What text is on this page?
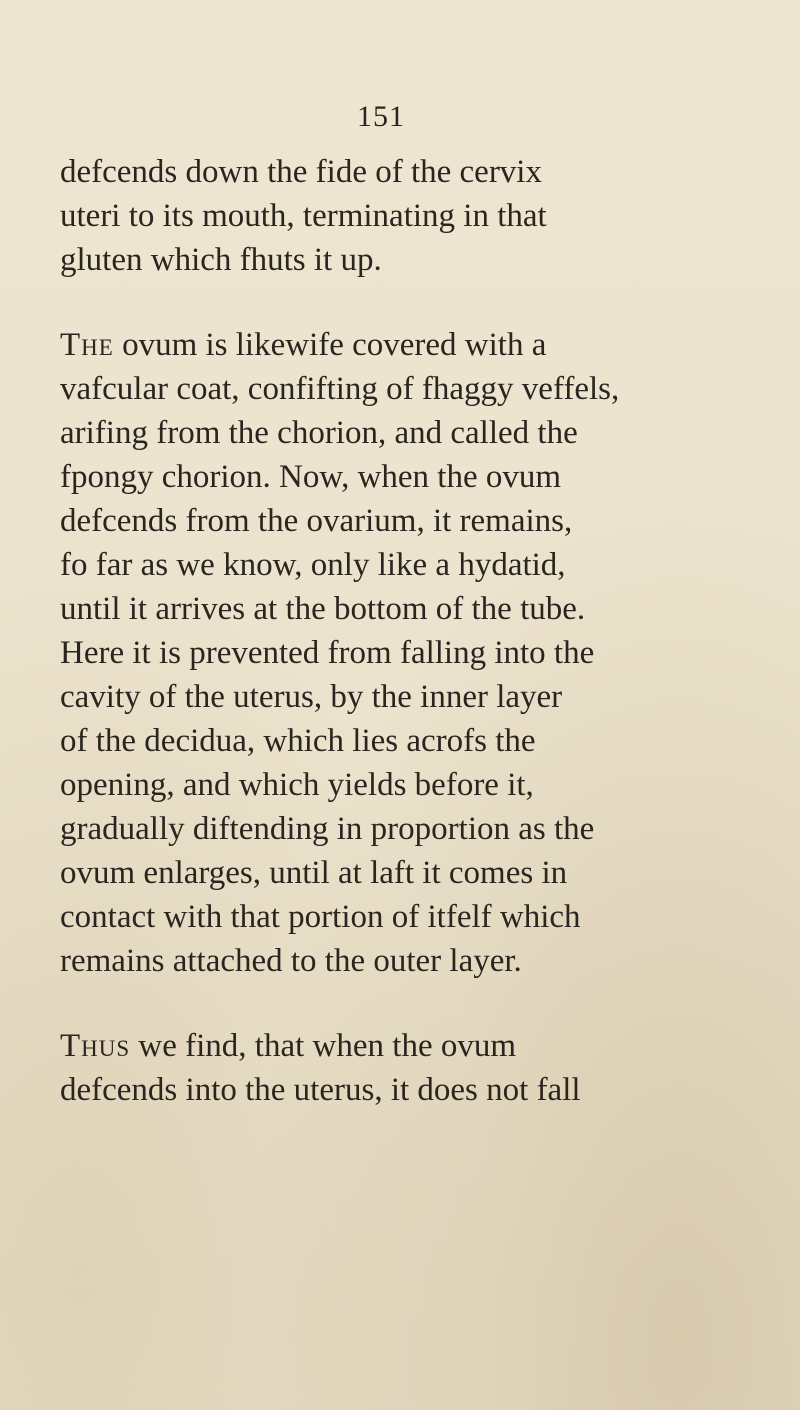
151
defcends down the fide of the cervix
uteri to its mouth, terminating in that
gluten which fhuts it up.
The ovum is likewife covered with a
vafcular coat, confifting of fhaggy veffels,
arifing from the chorion, and called the
fpongy chorion. Now, when the ovum
defcends from the ovarium, it remains,
fo far as we know, only like a hydatid,
until it arrives at the bottom of the tube.
Here it is prevented from falling into the
cavity of the uterus, by the inner layer
of the decidua, which lies acrofs the
opening, and which yields before it,
gradually diftending in proportion as the
ovum enlarges, until at laft it comes in
contact with that portion of itfelf which
remains attached to the outer layer.
Thus we find, that when the ovum
defcends into the uterus, it does not fall
